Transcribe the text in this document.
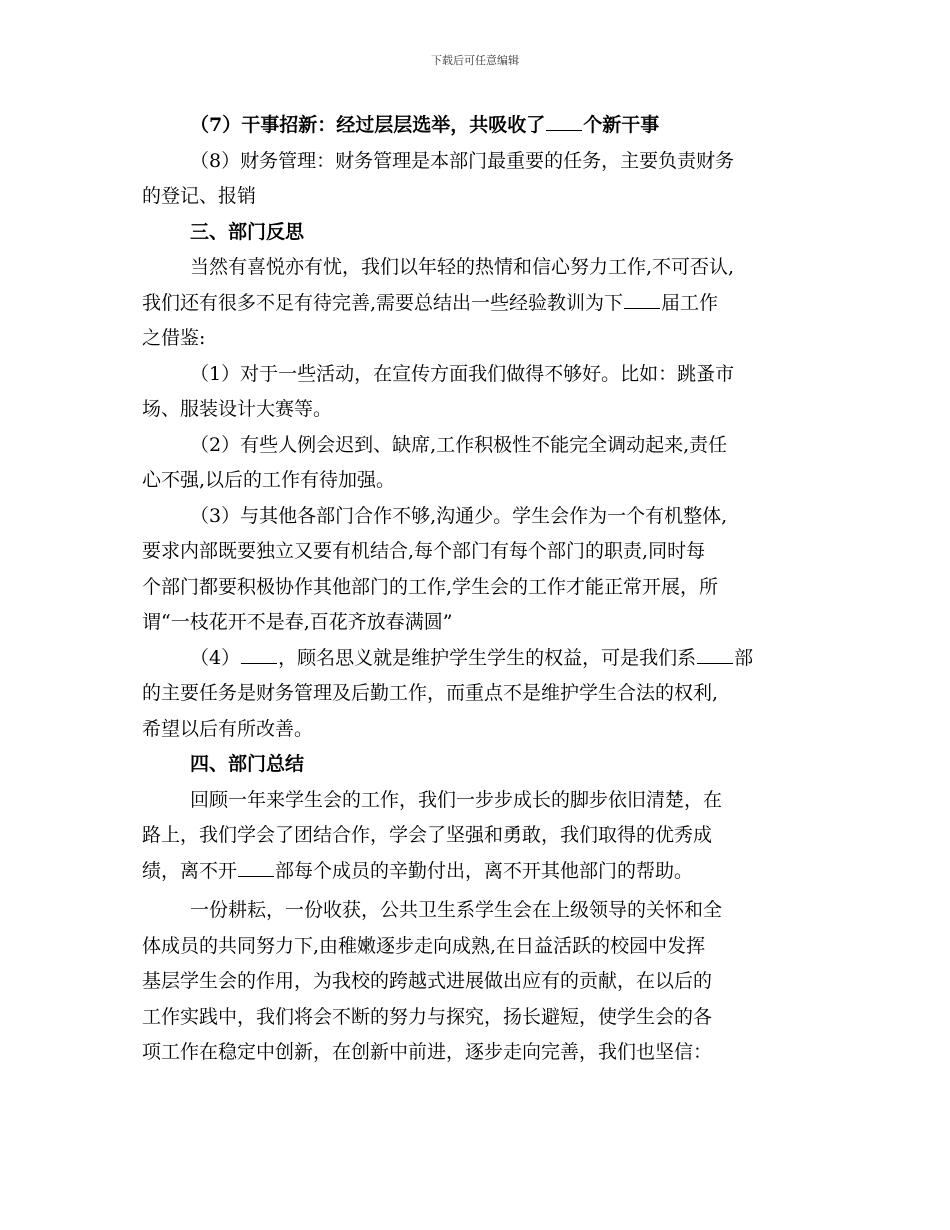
下载后可任意编辑
（7）干事招新：经过层层选举，共吸收了 个新干事
（8）财务管理：财务管理是本部门最重要的任务，主要负责财务
的登记、报销
三、部门反思
当然有喜悦亦有忧，我们以年轻的热情和信心努力工作,不可否认,
我们还有很多不足有待完善,需要总结出一些经验教训为下 届工作
之借鉴:
（1）对于一些活动，在宣传方面我们做得不够好。比如：跳蚤市
场、服装设计大赛等。
（2）有些人例会迟到、缺席,工作积极性不能完全调动起来,责任
心不强,以后的工作有待加强。
（3）与其他各部门合作不够,沟通少。学生会作为一个有机整体,
要求内部既要独立又要有机结合,每个部门有每个部门的职责,同时每
个部门都要积极协作其他部门的工作,学生会的工作才能正常开展，所
谓“一枝花开不是春,百花齐放春满圆”
（4） ，顾名思义就是维护学生学生的权益，可是我们系 部
的主要任务是财务管理及后勤工作，而重点不是维护学生合法的权利,
希望以后有所改善。
四、部门总结
回顾一年来学生会的工作，我们一步步成长的脚步依旧清楚，在
路上，我们学会了团结合作，学会了坚强和勇敢，我们取得的优秀成
绩，离不开 部每个成员的辛勤付出，离不开其他部门的帮助。
一份耕耘，一份收获，公共卫生系学生会在上级领导的关怀和全
体成员的共同努力下,由稚嫩逐步走向成熟,在日益活跃的校园中发挥
基层学生会的作用，为我校的跨越式进展做出应有的贡献，在以后的
工作实践中，我们将会不断的努力与探究，扬长避短，使学生会的各
项工作在稳定中创新，在创新中前进，逐步走向完善，我们也坚信：
